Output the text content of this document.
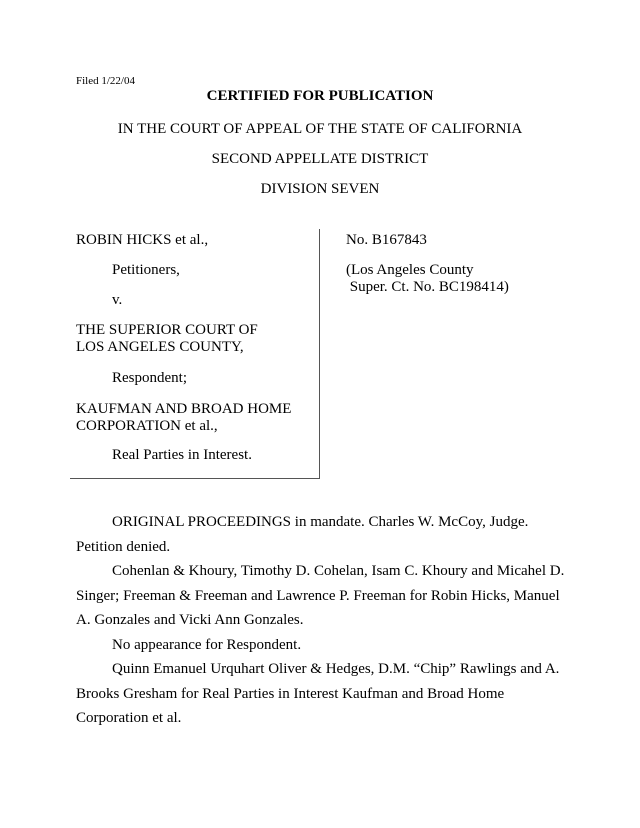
Filed 1/22/04
CERTIFIED FOR PUBLICATION
IN THE COURT OF APPEAL OF THE STATE OF CALIFORNIA
SECOND APPELLATE DISTRICT
DIVISION SEVEN
ROBIN HICKS et al.,
Petitioners,
v.
THE SUPERIOR COURT OF
LOS ANGELES COUNTY,
Respondent;
KAUFMAN AND BROAD HOME
CORPORATION et al.,
Real Parties in Interest.
No. B167843
(Los Angeles County
Super. Ct. No. BC198414)

ORIGINAL PROCEEDINGS in mandate. Charles W. McCoy, Judge. Petition denied.

Cohenlan & Khoury, Timothy D. Cohelan, Isam C. Khoury and Micahel D. Singer; Freeman & Freeman and Lawrence P. Freeman for Robin Hicks, Manuel A. Gonzales and Vicki Ann Gonzales.

No appearance for Respondent.

Quinn Emanuel Urquhart Oliver & Hedges, D.M. “Chip” Rawlings and A. Brooks Gresham for Real Parties in Interest Kaufman and Broad Home Corporation et al.
